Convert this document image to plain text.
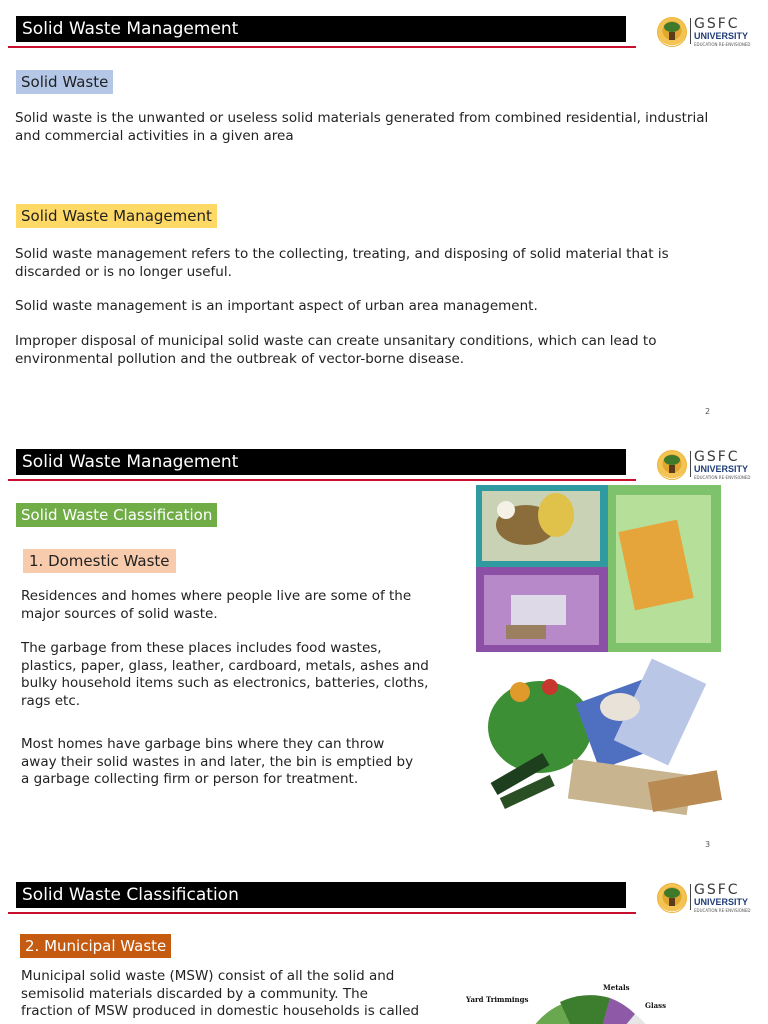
Solid Waste Management	GSFC
UNIVERSITY
EDUCATION RE-ENVISIONED
Solid Waste

Solid waste is the unwanted or useless solid materials generated from combined residential, industrial and commercial activities in a given area

Solid Waste Management

Solid waste management refers to the collecting, treating, and disposing of solid material that is discarded or is no longer useful.

Solid waste management is an important aspect of urban area management.

Improper disposal of municipal solid waste can create unsanitary conditions, which can lead to environmental pollution and the outbreak of vector-borne disease.

2
Solid Waste Management	GSFC
UNIVERSITY
EDUCATION RE-ENVISIONED
Solid Waste Classification
1. Domestic Waste

Residences and homes where people live are some of the major sources of solid waste.

The garbage from these places includes food wastes, plastics, paper, glass, leather, cardboard, metals, ashes and bulky household items such as electronics, batteries, cloths, rags etc.

Most homes have garbage bins where they can throw away their solid wastes in and later, the bin is emptied by a garbage collecting firm or person for treatment.

3
Solid Waste Classification	GSFC
UNIVERSITY
EDUCATION RE-ENVISIONED
2. Municipal Waste

Municipal solid waste (MSW) consist of all the solid and semisolid materials discarded by a community. The fraction of MSW produced in domestic households is called

Yard Trimmings
Metals
Glass
